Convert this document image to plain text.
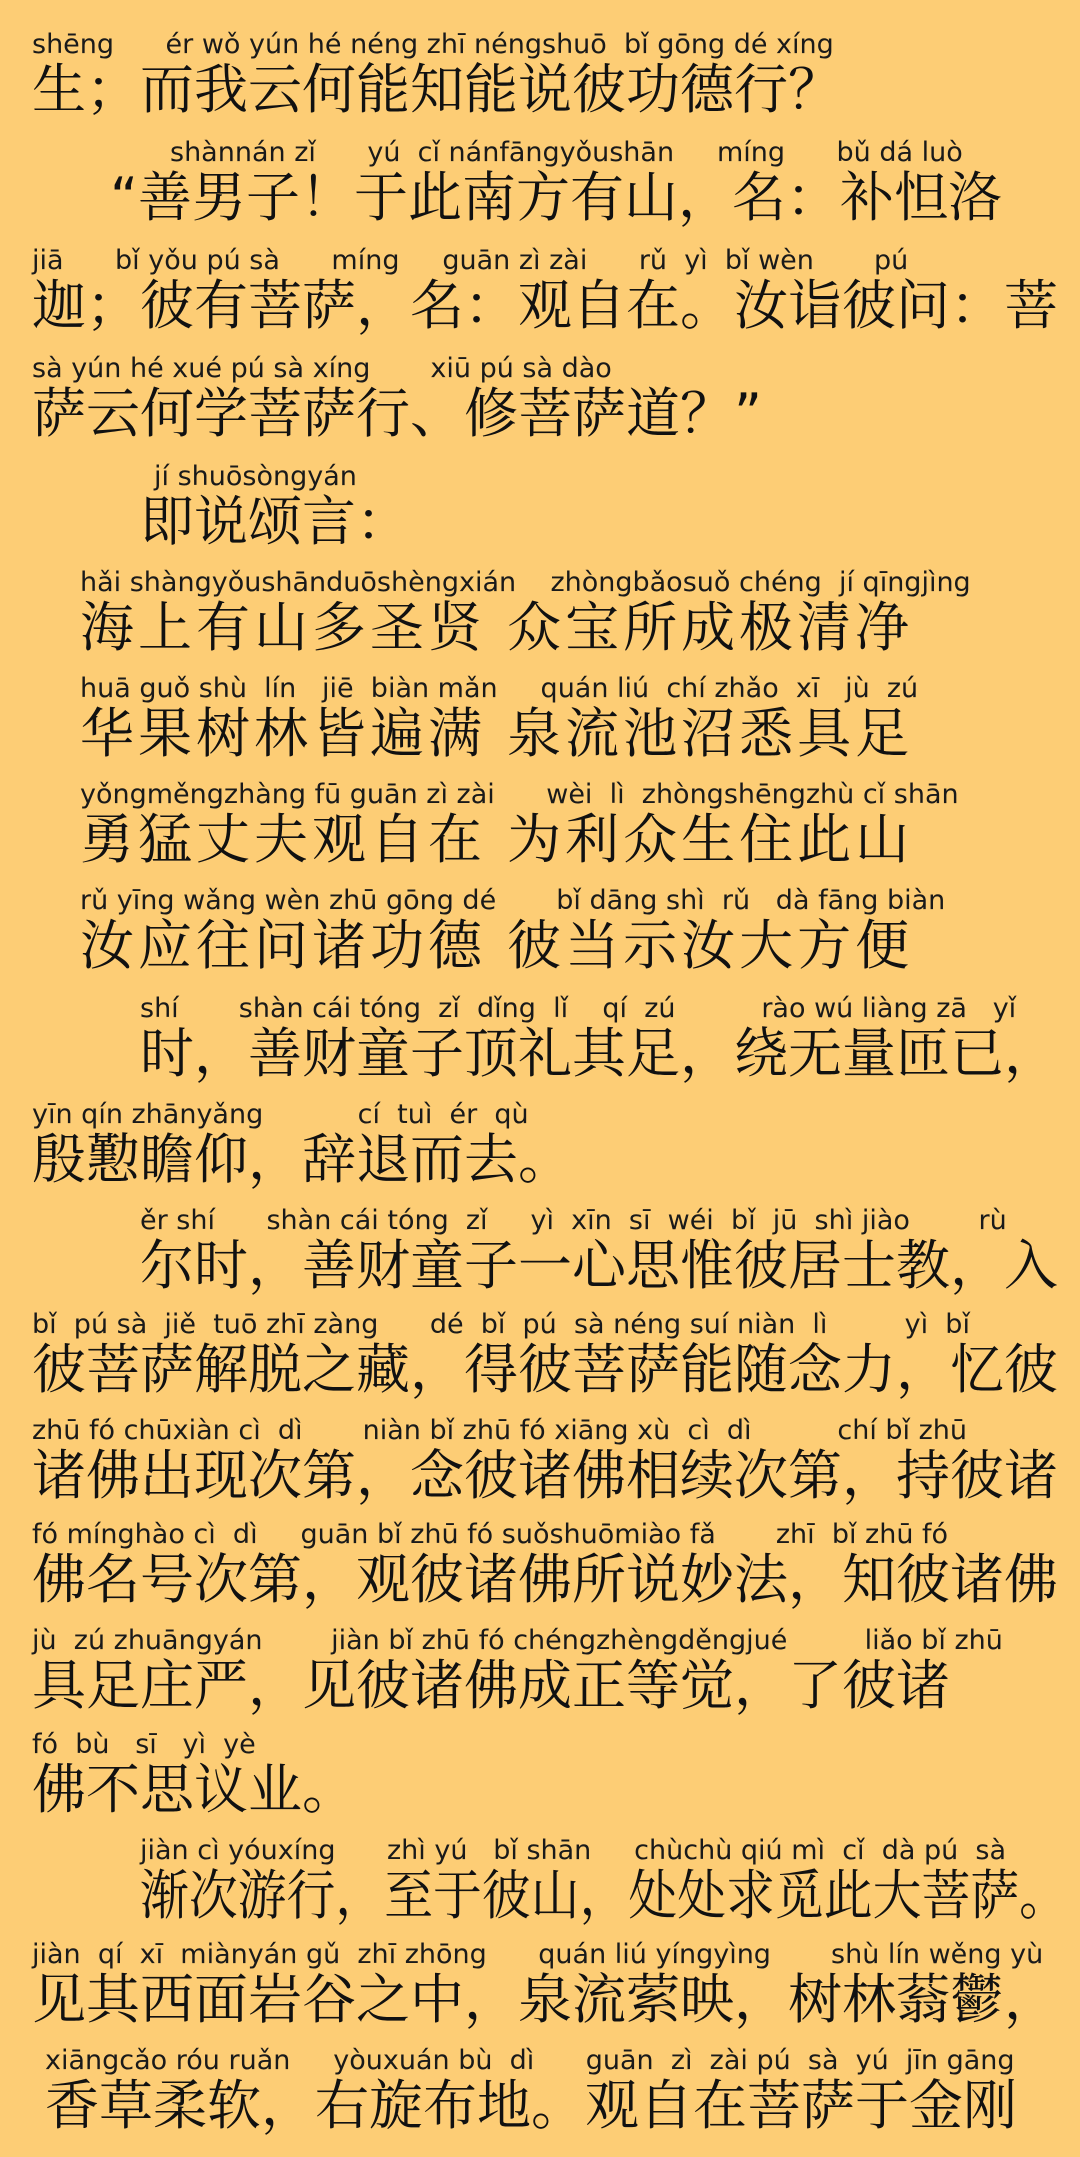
shēng      ér wǒ yún hé néng zhī néngshuō  bǐ gōng dé xíng
生；而我云何能知能说彼功德行？
shànnán zǐ      yú  cǐ nánfāngyǒushān     míng      bǔ dá luò
“善男子！于此南方有山，名：补怛洛
jiā      bǐ yǒu pú sà      míng     guān zì zài      rǔ  yì  bǐ wèn       pú
迦；彼有菩萨，名：观自在。汝诣彼问：菩
sà yún hé xué pú sà xíng       xiū pú sà dào
萨云何学菩萨行、修菩萨道？”
jí shuōsòngyán
即说颂言：
hǎi shàngyǒushānduōshèngxián    zhòngbǎosuǒ chéng  jí qīngjìng
海上有山多圣贤 众宝所成极清净
huā guǒ shù  lín   jiē  biàn mǎn     quán liú  chí zhǎo  xī   jù  zú
华果树林皆遍满 泉流池沼悉具足
yǒngměngzhàng fū guān zì zài      wèi  lì  zhòngshēngzhù cǐ shān
勇猛丈夫观自在 为利众生住此山
rǔ yīng wǎng wèn zhū gōng dé       bǐ dāng shì  rǔ   dà fāng biàn
汝应往问诸功德 彼当示汝大方便
shí       shàn cái tóng  zǐ  dǐng  lǐ    qí  zú          rào wú liàng zā   yǐ
时，善财童子顶礼其足，绕无量匝已，
yīn qín zhānyǎng           cí  tuì  ér  qù
殷懃瞻仰，辞退而去。
ěr shí      shàn cái tóng  zǐ     yì  xīn  sī  wéi  bǐ  jū  shì jiào        rù
尔时，善财童子一心思惟彼居士教，入
bǐ  pú sà  jiě  tuō zhī zàng      dé  bǐ  pú  sà néng suí niàn  lì         yì  bǐ
彼菩萨解脱之藏，得彼菩萨能随念力，忆彼
zhū fó chūxiàn cì  dì       niàn bǐ zhū fó xiāng xù  cì  dì          chí bǐ zhū
诸佛出现次第，念彼诸佛相续次第，持彼诸
fó mínghào cì  dì     guān bǐ zhū fó suǒshuōmiào fǎ       zhī  bǐ zhū fó
佛名号次第，观彼诸佛所说妙法，知彼诸佛
jù  zú zhuāngyán        jiàn bǐ zhū fó chéngzhèngděngjué         liǎo bǐ zhū
具足庄严，见彼诸佛成正等觉，了彼诸
fó  bù   sī   yì  yè
佛不思议业。
jiàn cì yóuxíng      zhì yú   bǐ shān     chùchù qiú mì  cǐ  dà pú  sà
渐次游行，至于彼山，处处求觅此大菩萨。
jiàn  qí  xī  miànyán gǔ  zhī zhōng      quán liú yíngyìng       shù lín wěng yù
见其西面岩谷之中，泉流萦映，树林蓊鬱，
xiāngcǎo róu ruǎn     yòuxuán bù  dì      guān  zì  zài pú  sà  yú  jīn gāng
香草柔软，右旋布地。观自在菩萨于金刚
